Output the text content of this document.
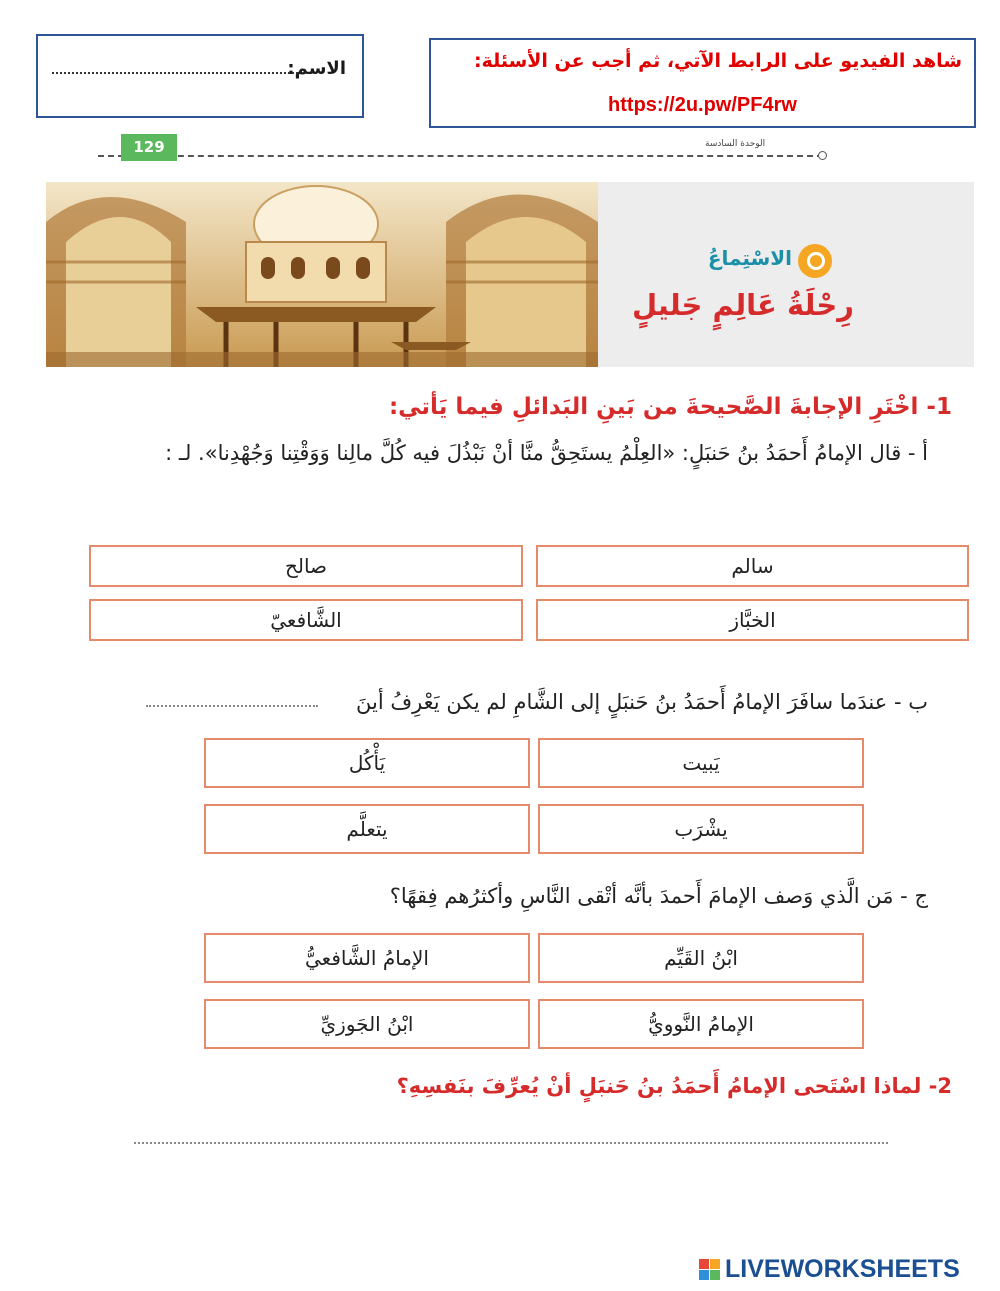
الاسم:	شاهد الفيديو على الرابط الآتي، ثم أجب عن الأسئلة:
https://2u.pw/PF4rw
129	الوحدة السادسة
الاسْتِماعُ
رِحْلَةُ عَالِمٍ جَليلٍ
1- اخْتَرِ الإجابةَ الصَّحيحةَ من بَينِ البَدائلِ فيما يَأتي:
أ - قال الإمامُ أَحمَدُ بنُ حَنبَلٍ: «العِلْمُ يستَحِقُّ منَّا أنْ نَبْذُلَ فيه كُلَّ مالِنا وَوَقْتِنا وَجُهْدِنا». لـ :
سالم
صالح
الخبَّاز
الشَّافعيّ
ب - عندَما سافَرَ الإمامُ أَحمَدُ بنُ حَنبَلٍ إلى الشَّامِ لم يكن يَعْرِفُ أينَ
يَبيت
يَأْكُل
يشْرَب
يتعلَّم
ج - مَن الَّذي وَصف الإمامَ أَحمدَ بأنَّه أتْقى النَّاسِ وأكثرُهم فِقهًا؟
ابْنُ القَيِّم
الإمامُ الشَّافعيُّ
الإمامُ النَّوويُّ
ابْنُ الجَوزيِّ
2- لماذا اسْتَحى الإمامُ أَحمَدُ بنُ حَنبَلٍ أنْ يُعرِّفَ بنَفسِهِ؟
LIVEWORKSHEETS
